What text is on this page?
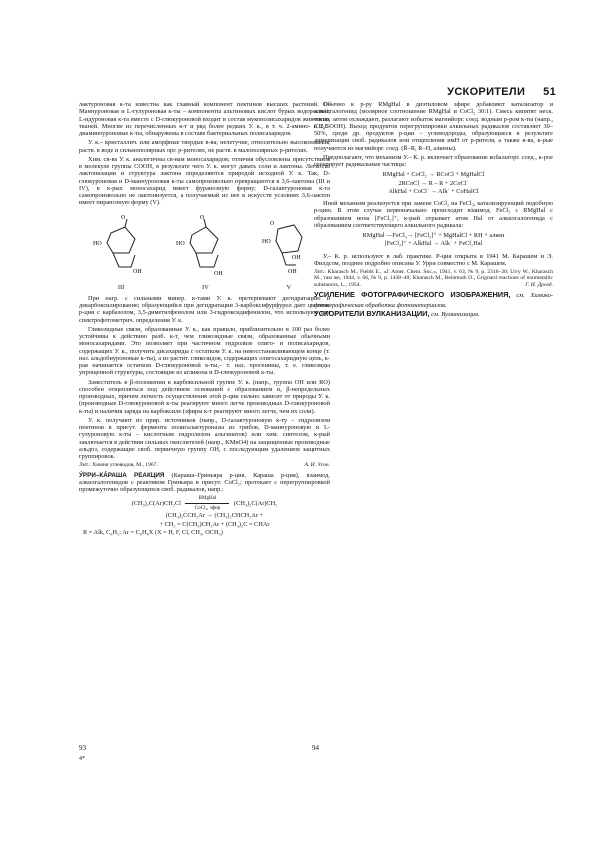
УСКОРИТЕЛИ 51

лактуроновая к-та известна как главный компонент пектинов высших растений. D-Маннуроновая и L-гулуроновая к-ты – компоненты альгиновых кислот бурых водорослей; L-идуроновая к-та вместе с D-глюкуроновой входит в состав мукополисахаридов животных тканей. Многие из перечисленных к-т и ряд более редких У. к., в т. ч. 2-амино- и 2,3-диаминоуроновые к-ты, обнаружены в составе бактериальных полисахаридов.

У. к.– кристаллич. или аморфные твердые в-ва; нелетучие, относительно высокоплавки; раств. в воде и сильнополярных орг. р-рителях, не раств. в малополярных р-рителях.

Хим. св-ва У. к. аналогичны св-вам моносахаридов; отличия обусловлены присутствием в молекуле группы COOH, в результате чего У. к. могут давать соли и лактоны. Легкость лактонизации и структура лактона определяются природой исходной У. к. Так, D-глюкуроновая и D-маннуроновая к-ты самопроизвольно превращаются в 3,6-лактоны (III и IV), в к-рых моносахарид имеет фуранозную форму; D-галактуроновая к-та самопроизвольно не лактонизуется, а получаемый из нее в искусств условиях 3,6-лактон имеет пиранозную форму (V).

HO
O
OH
HO
O
OH
O
HO
OH
OH
III	IV	V

При нагр. с сильными минер. к-тами У. к. претерпевают дегидратацию и декарбоксилирование; образующийся при дегидратации 3-карбоксифурфурол дает цветные р-ции с карбазолом, 3,5-диметилфенолом или 3-гидроксидифенилом, что используют для спектрофотометрич. определения У. к.

Гликозидные связи, образованные У. к., как правило, приблизительно в 100 раз более устойчивы к действию разб. к-т, чем гликозидные связи, образованные обычными моносахаридами. Это позволяет при частичном гидролизе олиго- и полисахаридов, содержащих У. к., получить дисахариды с остатком У. к. на невосстанавливающем конце (т. наз. альдобиуроновые к-ты), а из растит. гликозидов, содержащих олигосахаридную цепь, к-рая начинается остатком D-глюкуроновой к-ты,– т. наз. прогенины, т. е. гликозиды упрощенной структуры, состоящие из агликона и D-глюкуроновой к-ты.

Заместитель в β-положении к карбоксильной группе У. к. (напр., группа OH или RO) способен отщепляться под действием оснований с образованием α, β-непредельных производных, причем легкость осуществления этой р-ции сильно зависит от природы У. к. (производные D-глюкуроновой к-ты реагируют много легче производных D-глюкуроновой к-ты) и наличия заряда на карбоксиле (эфиры к-т реагируют много легче, чем их соли).

У. к. получают из прир. источников (напр., D-галактуроновую к-ту – гидролизом пектинов в присут. фермента полигалактуроназы из грибов, D-маннуроновую и L-гулуроновую к-ты – кислотным гидролизом альгинатов) или хим. синтезом, к-рый заключается в действии сильных окислителей (напр., KMnO4) на защищенные производные альдоз, содержащие своб. первичную группу OH, с последующим удалением защитных группировок.

А. И. Усов.
Лит.: Химия углеводов, М., 1967.

У́РРИ–КА́РАША РЕАКЦИЯ (Караша–Гриньяра р-ция, Караша р-ция), взаимод. алкилгалогенидов с реактивом Гриньяра в присут. CoCl₂; протекает с перегруппировкой промежуточно образующихся своб. радикалов, напр.:

(CH₃)₂C(Ar)CH₂Cl RMgHal

CoCl₂, эфир (CH₃)₂C(Ar)ĊH₂
(CH₃)₂ĊCH₂Ar → (CH₃)₂CHCH₂Ar +
+ CH₂ = C(CH₃)CH₂Ar + (CH₃)₂C = CHAr
R = Alk, C₆H₅; Ar = C₆H₄X (X = H, F, Cl, CH₃, OCH₃)

Обычно к р-ру RMgHal в диэтиловом эфире добавляют катализатор и алкилгалогенид (молярное соотношение RMgHal и CoCl₂ 30:1). Смесь кипятят неск. часов, затем охлаждают, разлагают избыток магнийорг. соед. водным р-ром к-ты (напр., CH₃COOH). Выход продуктов перегруппировки алкильных радикалов составляет 30–50%, среди др. продуктов р-ции – углеводороды, образующиеся в результате димеризации своб. радикалов или отщепления имН от р-рителя, а также в-ва, к-рые получаются из магнийорг. соед. (R̄–R, R–H, алкены).

Предполагают, что механизм У.– К. р. включает образование кобальторг. соед., к-рое генерирует радикальные частицы:

RMgHal + CoCl₂ → RCoCl + MgHalCl
2RCoCl → R – R + 2CoCl˙
AlkHal + CoCl˙ → Alk˙ + CoHalCl

Иной механизм реализуется при замене CoCl₂ на FeCl₃, катализирующий подобную р-цию. В этом случае первоначально происходит взаимод. FeCl₃ с RMgHal с образованием иона [FeCl₂]⁺, к-рый отрывает атом Hal от алкилгалогенида с образованием соответствующего алкильного радикала:

RMgHal —FeCl₃→ [FeCl₂]⁺ + MgHalCl + RH + алкен
[FeCl₂]⁺ + AlkHal → Alk˙ + FeCl₂Hal

У.– К. р. используют в лаб. практике. Р-ция открыта в 1941 М. Карашем и Э. Филдсом, позднее подробно описана У. Урри совместно с М. Карашем.

Лит.: Kharasch M., Fields E., «J. Amer. Chem. Soc.», 1941, v. 63, № 9, p. 2316–20; Urry W., Kharasch M., там же, 1944, v. 66, № 9, p. 1438–40; Kharasch M., Reinmuth O., Grignard reactions of nonmetallic substances, L., 1954.	Г. И. Дрозд.
УСИЛЕНИЕ ФОТОГРАФИЧЕСКОГО ИЗОБРАЖЕНИЯ, см. Химико-фотографическая обработка фотоматериалов.
УСКОРИТЕЛИ ВУЛКАНИЗАЦИИ, см. Вулканизация.
93
4*
94
